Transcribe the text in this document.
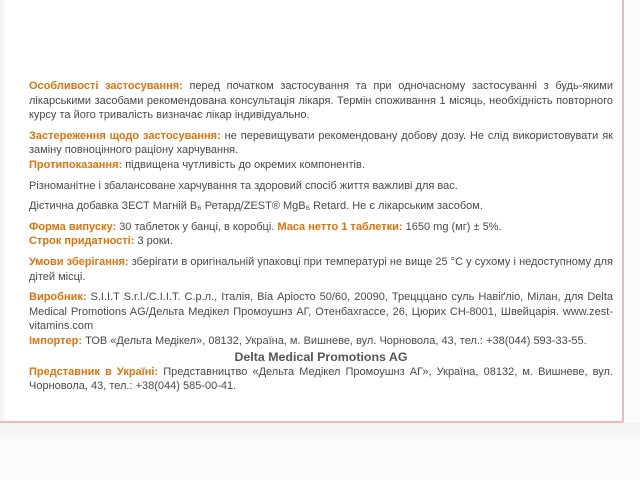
Особливості застосування: перед початком застосування та при одночасному застосуванні з будь-якими лікарськими засобами рекомендована консультація лікаря. Термін споживання 1 місяць, необхідність повторного курсу та його тривалість визначає лікар індивідуально.

Застереження щодо застосування: не перевищувати рекомендовану добову дозу. Не слід використовувати як заміну повноцінного раціону харчування.

Протипоказання: підвищена чутливість до окремих компонентів.

Різноманітне і збалансоване харчування та здоровий спосіб життя важливі для вас.

Дієтична добавка ЗЕСТ Магній В₆ Ретард/ZEST® MgB₆ Retard. Не є лікарським засобом.

Форма випуску: 30 таблеток у банці, в коробці. Маса нетто 1 таблетки: 1650 mg (мг) ± 5%.

Строк придатності: 3 роки.

Умови зберігання: зберігати в оригінальній упаковці при температурі не вище 25 °С у сухому і недоступному для дітей місці.

Виробник: S.I.I.T S.r.l./С.І.І.Т. С.р.л., Італія, Віа Аріосто 50/60, 20090, Трецццано суль Навіґліо, Мілан, для Delta Medical Promotions AG/Дельта Медікел Промоушнз АГ, Отенбахгассе, 26, Цюрих CH-8001, Швейцарія. www.zest-vitamins.com

Імпортер: ТОВ «Дельта Медікел», 08132, Україна, м. Вишневе, вул. Чорновола, 43, тел.: +38(044) 593-33-55.

Delta Medical Promotions AG

Представник в Україні: Представництво «Дельта Медікел Промоушнз АГ», Україна, 08132, м. Вишневе, вул. Чорновола, 43, тел.: +38(044) 585-00-41.
